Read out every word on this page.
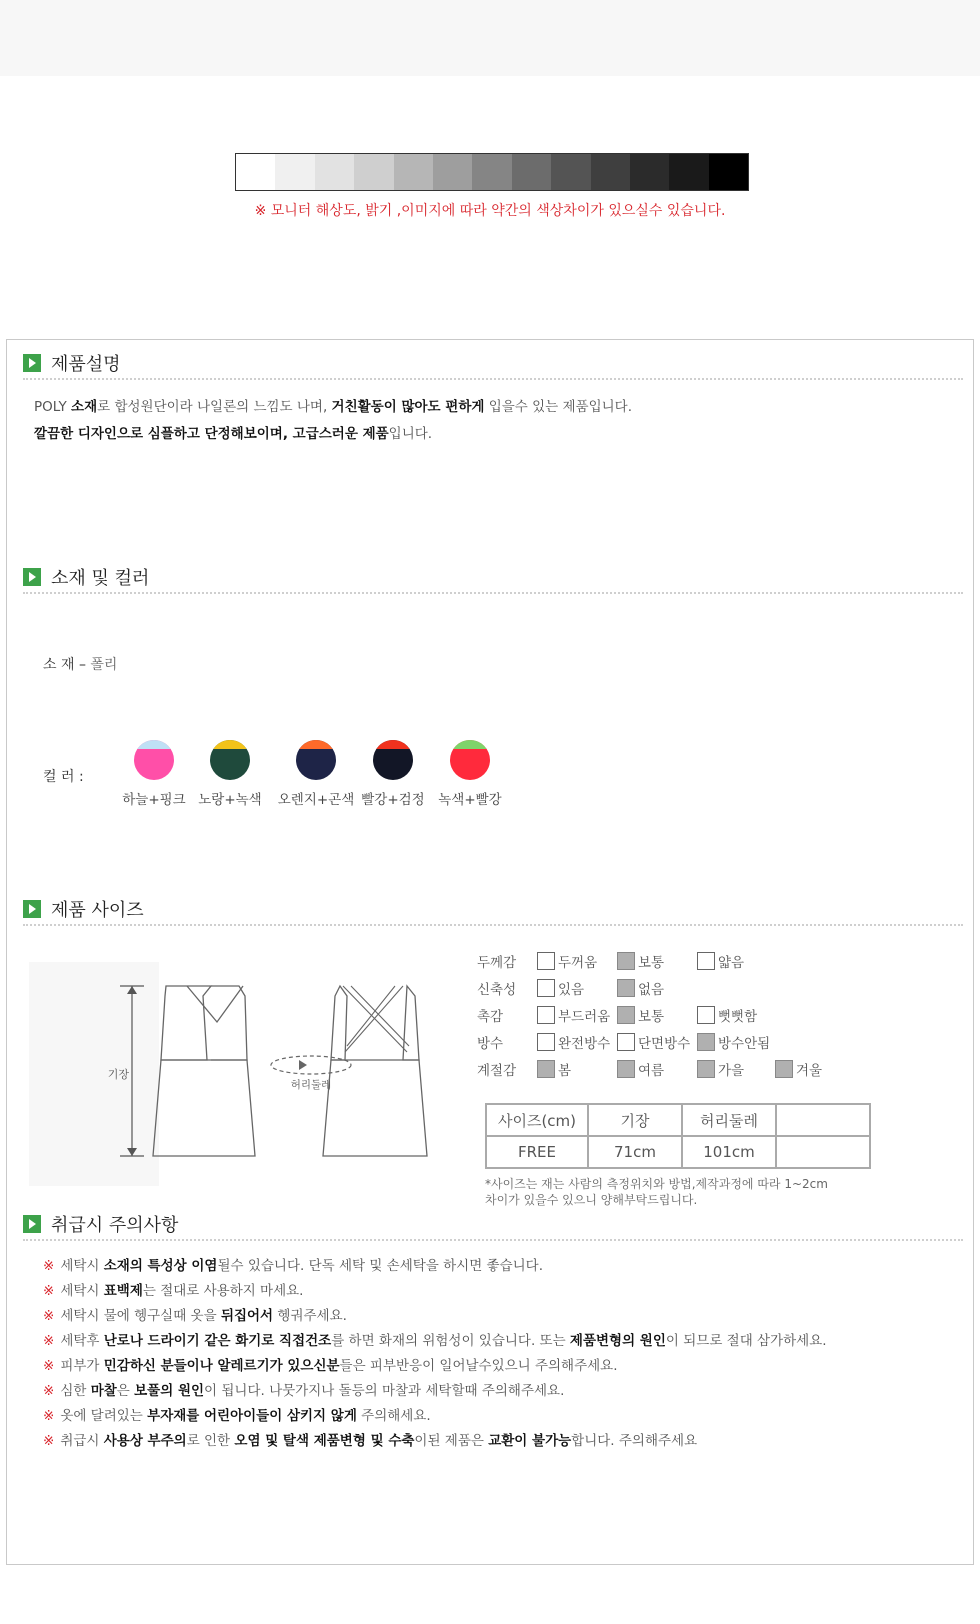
※ 모니터 해상도, 밝기 ,이미지에 따라 약간의 색상차이가 있으실수 있습니다.
제품설명
POLY 소재로 합성원단이라 나일론의 느낌도 나며, 거친활동이 많아도 편하게 입을수 있는 제품입니다.
깔끔한 디자인으로 심플하고 단정해보이며, 고급스러운 제품입니다.
소재 및 컬러
소 재 – 폴리
컬 러 :
하늘+핑크 노랑+녹색	오렌지+곤색 빨강+검정	녹색+빨강
제품 사이즈
기장
허리둘레
두께감	두꺼움	보통	얇음
신축성	있음	없음
촉감	부드러움 보통	뻣뻣함
방수	완전방수 단면방수 방수안됨
계절감	봄	여름	가을	겨울
사이즈(cm)	기장	허리둘레	
FREE	71cm	101cm	
*사이즈는 재는 사람의 측정위치와 방법,제작과정에 따라 1~2cm
차이가 있을수 있으니 양해부탁드립니다.
취급시 주의사항
※ 세탁시 소재의 특성상 이염될수 있습니다. 단독 세탁 및 손세탁을 하시면 좋습니다.
※ 세탁시 표백제는 절대로 사용하지 마세요.
※ 세탁시 물에 헹구실때 옷을 뒤집어서 헹궈주세요.
※ 세탁후 난로나 드라이기 같은 화기로 직접건조를 하면 화재의 위험성이 있습니다. 또는 제품변형의 원인이 되므로 절대 삼가하세요.
※ 피부가 민감하신 분들이나 알레르기가 있으신분들은 피부반응이 일어날수있으니 주의해주세요.
※ 심한 마찰은 보풀의 원인이 됩니다. 나뭇가지나 돌등의 마찰과 세탁할때 주의해주세요.
※ 옷에 달려있는 부자재를 어린아이들이 삼키지 않게 주의해세요.
※ 취급시 사용상 부주의로 인한 오염 및 탈색 제품변형 및 수축이된 제품은 교환이 불가능합니다. 주의해주세요
